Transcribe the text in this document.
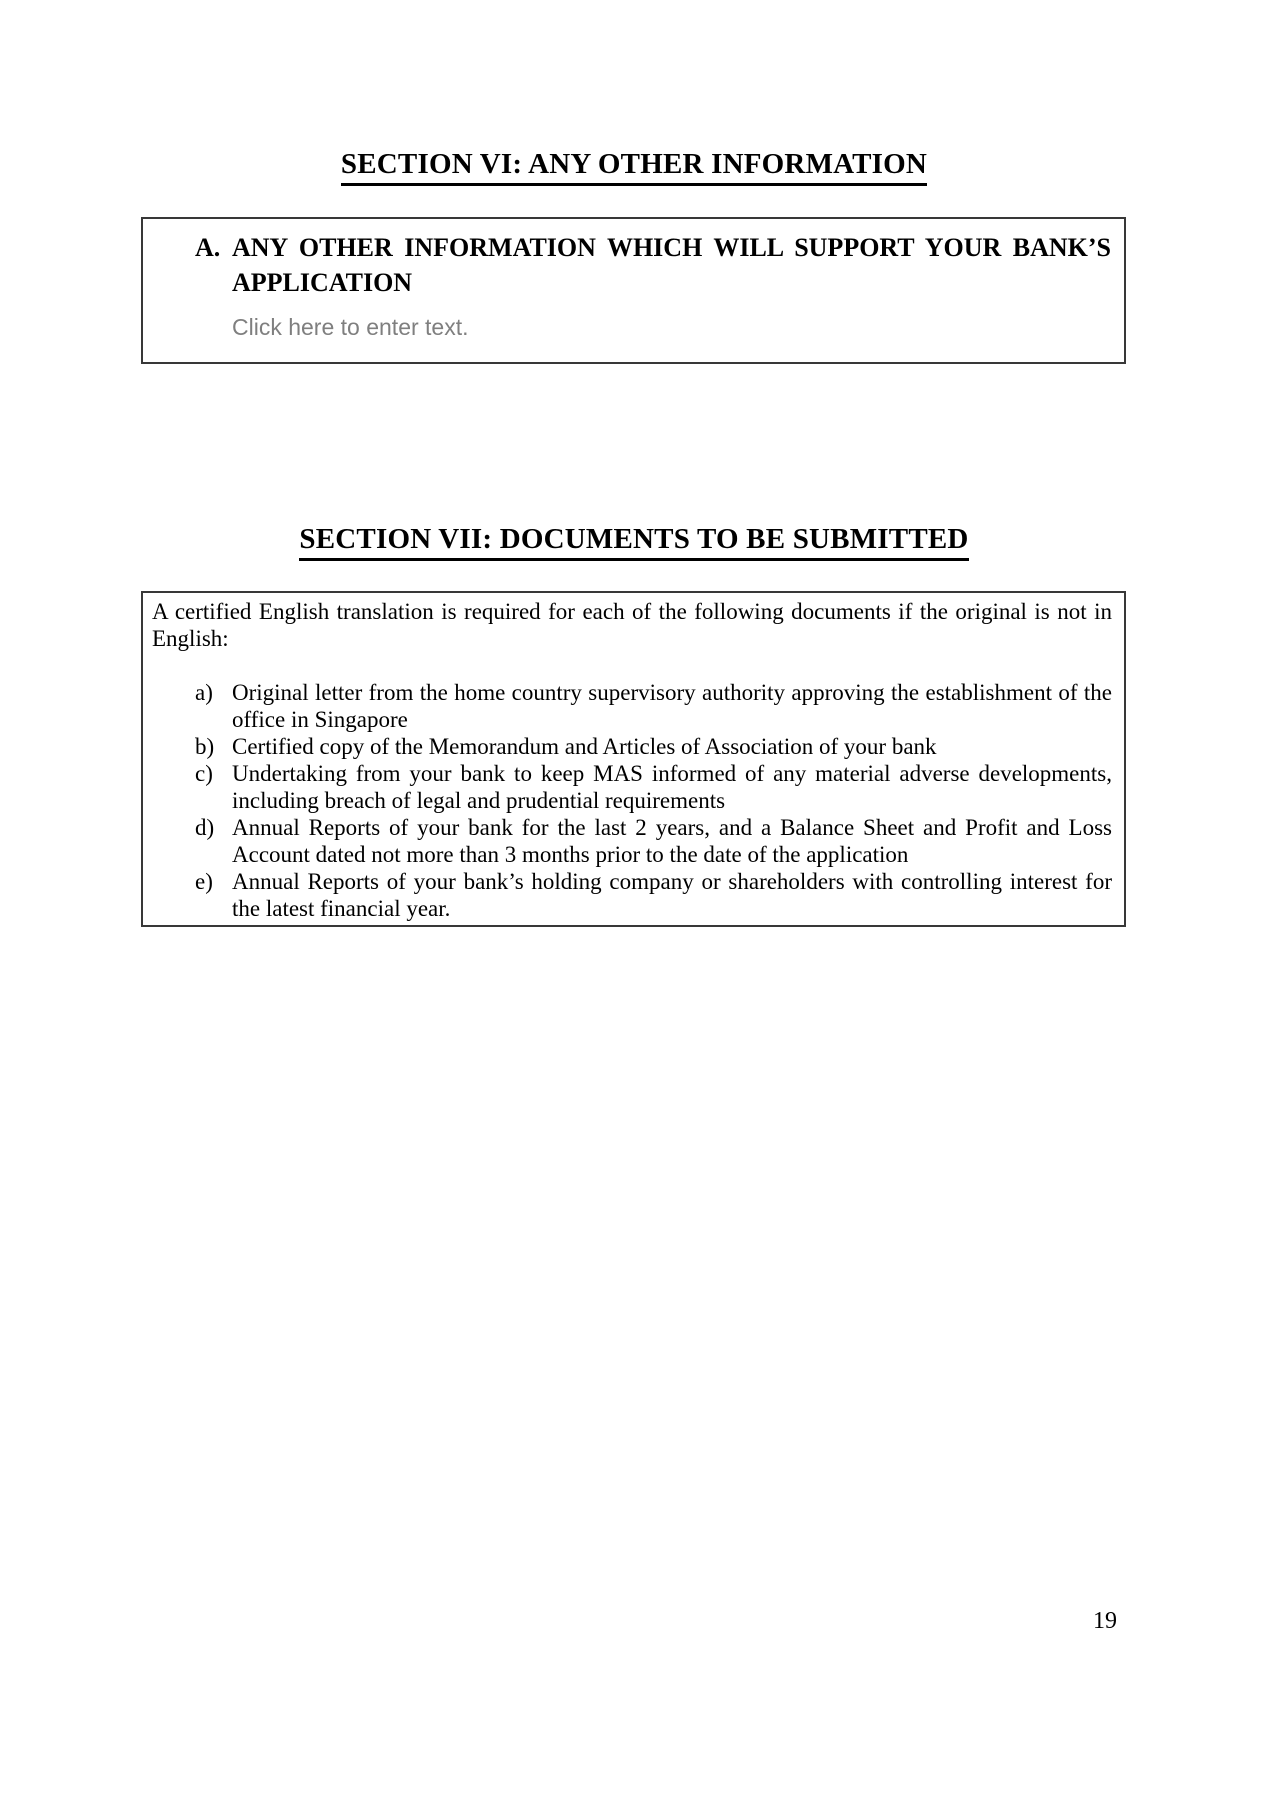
SECTION VI: ANY OTHER INFORMATION
A. ANY OTHER INFORMATION WHICH WILL SUPPORT YOUR BANK’S APPLICATION
Click here to enter text.
SECTION VII: DOCUMENTS TO BE SUBMITTED

A certified English translation is required for each of the following documents if the original is not in English:

a) Original letter from the home country supervisory authority approving the establishment of the office in Singapore
b) Certified copy of the Memorandum and Articles of Association of your bank
c) Undertaking from your bank to keep MAS informed of any material adverse developments, including breach of legal and prudential requirements
d) Annual Reports of your bank for the last 2 years, and a Balance Sheet and Profit and Loss Account dated not more than 3 months prior to the date of the application
e) Annual Reports of your bank’s holding company or shareholders with controlling interest for the latest financial year.
19
